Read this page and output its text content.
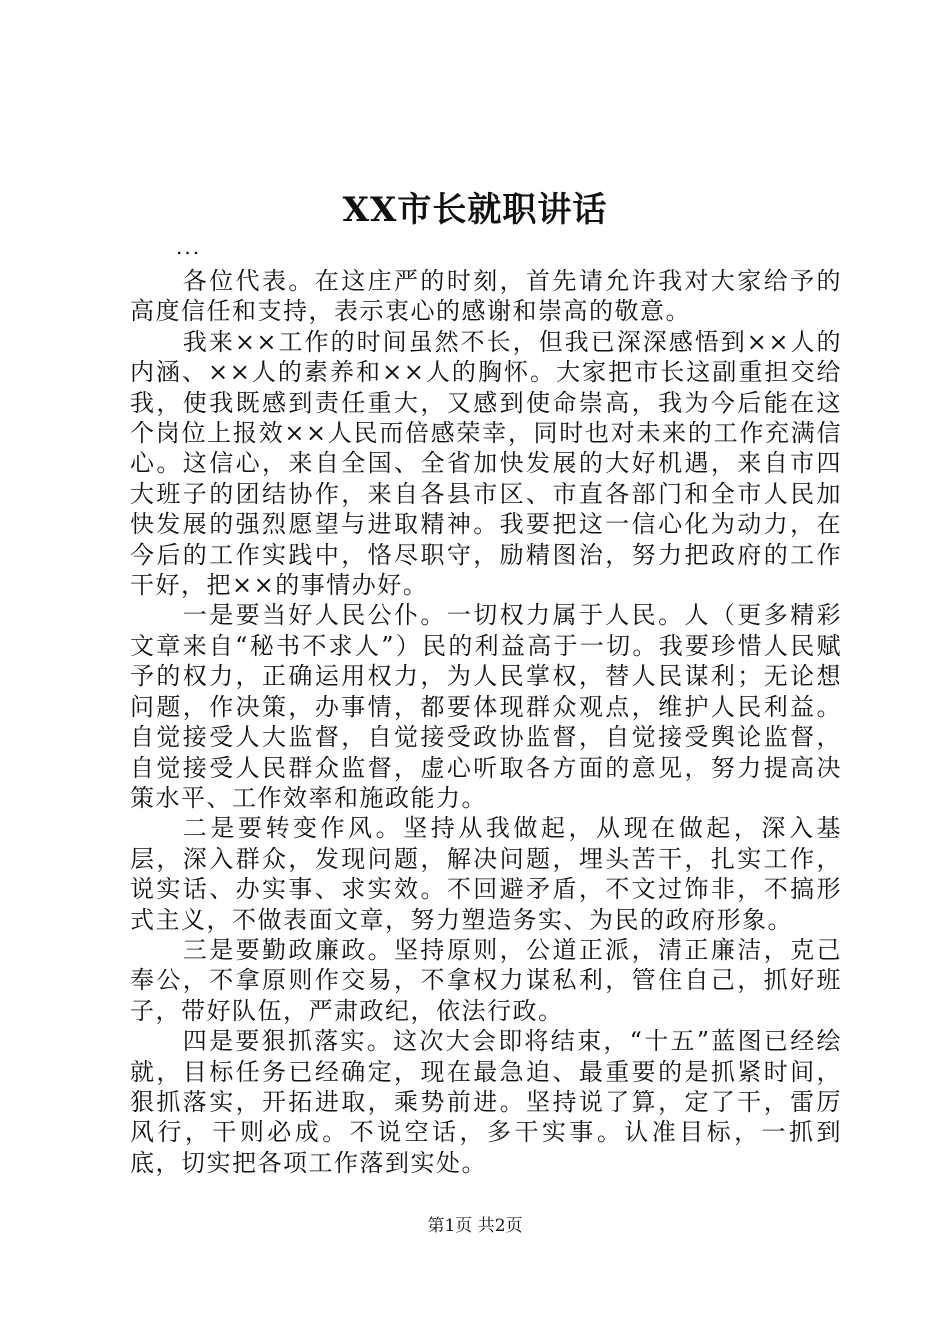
XX市长就职讲话
...

各位代表。在这庄严的时刻，首先请允许我对大家给予的高度信任和支持，表示衷心的感谢和崇高的敬意。

我来××工作的时间虽然不长，但我已深深感悟到××人的内涵、××人的素养和××人的胸怀。大家把市长这副重担交给我，使我既感到责任重大，又感到使命崇高，我为今后能在这个岗位上报效××人民而倍感荣幸，同时也对未来的工作充满信心。这信心，来自全国、全省加快发展的大好机遇，来自市四大班子的团结协作，来自各县市区、市直各部门和全市人民加快发展的强烈愿望与进取精神。我要把这一信心化为动力，在今后的工作实践中，恪尽职守，励精图治，努力把政府的工作干好，把××的事情办好。

一是要当好人民公仆。一切权力属于人民。人（更多精彩文章来自“秘书不求人”）民的利益高于一切。我要珍惜人民赋予的权力，正确运用权力，为人民掌权，替人民谋利；无论想问题，作决策，办事情，都要体现群众观点，维护人民利益。自觉接受人大监督，自觉接受政协监督，自觉接受舆论监督，自觉接受人民群众监督，虚心听取各方面的意见，努力提高决策水平、工作效率和施政能力。

二是要转变作风。坚持从我做起，从现在做起，深入基层，深入群众，发现问题，解决问题，埋头苦干，扎实工作，说实话、办实事、求实效。不回避矛盾，不文过饰非，不搞形式主义，不做表面文章，努力塑造务实、为民的政府形象。

三是要勤政廉政。坚持原则，公道正派，清正廉洁，克己奉公，不拿原则作交易，不拿权力谋私利，管住自己，抓好班子，带好队伍，严肃政纪，依法行政。

四是要狠抓落实。这次大会即将结束，“十五”蓝图已经绘就，目标任务已经确定，现在最急迫、最重要的是抓紧时间，狠抓落实，开拓进取，乘势前进。坚持说了算，定了干，雷厉风行，干则必成。不说空话，多干实事。认准目标，一抓到底，切实把各项工作落到实处。

第1页 共2页
